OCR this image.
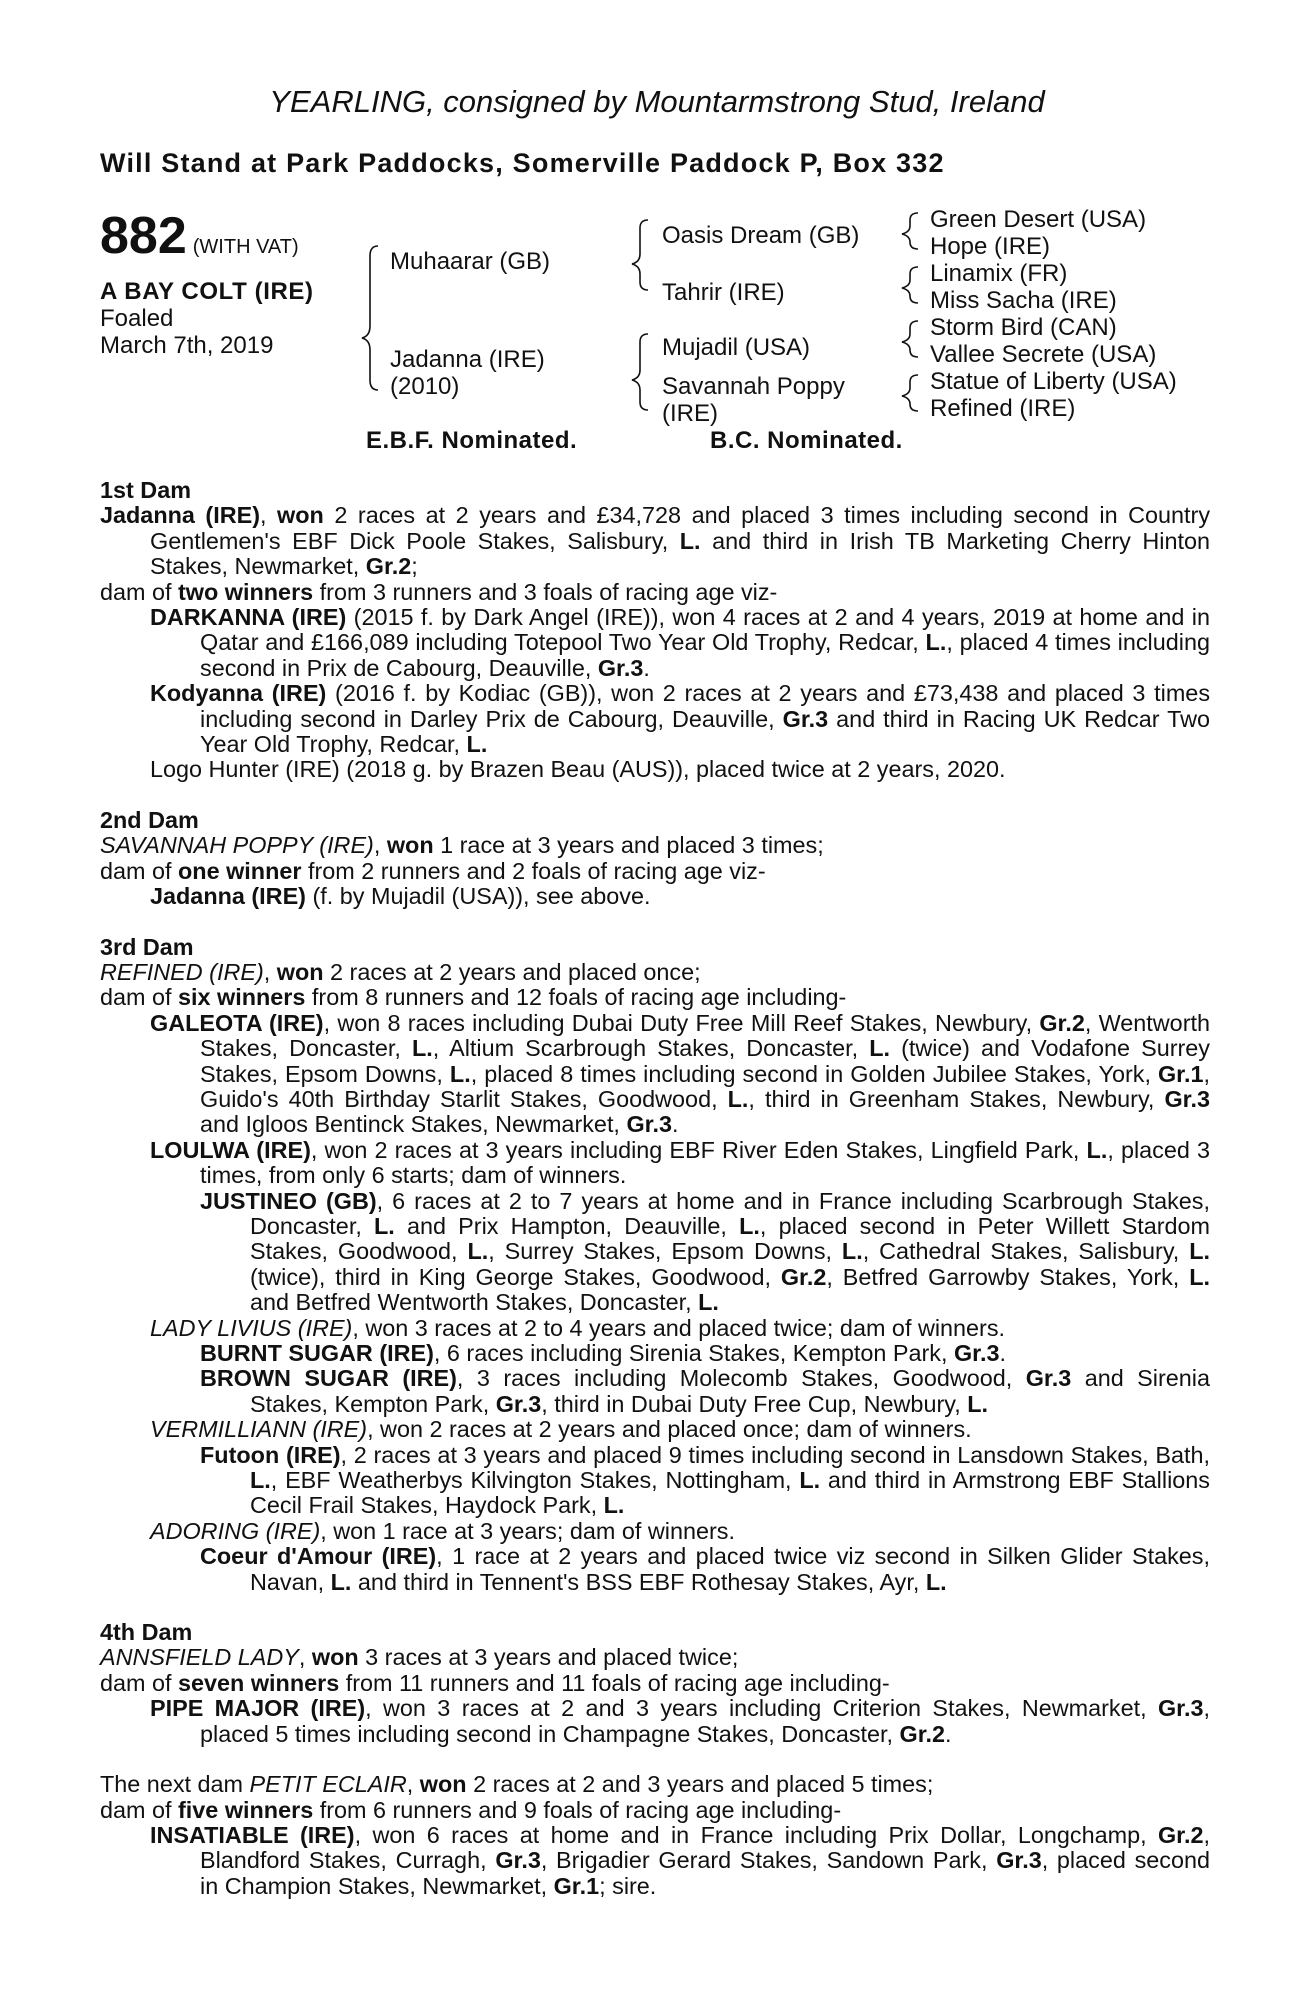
YEARLING, consigned by Mountarmstrong Stud, Ireland
Will Stand at Park Paddocks, Somerville Paddock P, Box 332
882 (WITH VAT)
A BAY COLT (IRE)
Foaled
March 7th, 2019
Muhaarar (GB)
Jadanna (IRE)
(2010)
Oasis Dream (GB)
Tahrir (IRE)
Mujadil (USA)
Savannah Poppy
(IRE)
Green Desert (USA)
Hope (IRE)
Linamix (FR)
Miss Sacha (IRE)
Storm Bird (CAN)
Vallee Secrete (USA)
Statue of Liberty (USA)
Refined (IRE)
E.B.F. Nominated.	B.C. Nominated.
1st Dam
Jadanna (IRE), won 2 races at 2 years and £34,728 and placed 3 times including second in Country Gentlemen's EBF Dick Poole Stakes, Salisbury, L. and third in Irish TB Marketing Cherry Hinton Stakes, Newmarket, Gr.2;
dam of two winners from 3 runners and 3 foals of racing age viz-
DARKANNA (IRE) (2015 f. by Dark Angel (IRE)), won 4 races at 2 and 4 years, 2019 at home and in Qatar and £166,089 including Totepool Two Year Old Trophy, Redcar, L., placed 4 times including second in Prix de Cabourg, Deauville, Gr.3.
Kodyanna (IRE) (2016 f. by Kodiac (GB)), won 2 races at 2 years and £73,438 and placed 3 times including second in Darley Prix de Cabourg, Deauville, Gr.3 and third in Racing UK Redcar Two Year Old Trophy, Redcar, L.
Logo Hunter (IRE) (2018 g. by Brazen Beau (AUS)), placed twice at 2 years, 2020.
2nd Dam
SAVANNAH POPPY (IRE), won 1 race at 3 years and placed 3 times;
dam of one winner from 2 runners and 2 foals of racing age viz-
Jadanna (IRE) (f. by Mujadil (USA)), see above.
3rd Dam
REFINED (IRE), won 2 races at 2 years and placed once;
dam of six winners from 8 runners and 12 foals of racing age including-
GALEOTA (IRE), won 8 races including Dubai Duty Free Mill Reef Stakes, Newbury, Gr.2, Wentworth Stakes, Doncaster, L., Altium Scarbrough Stakes, Doncaster, L. (twice) and Vodafone Surrey Stakes, Epsom Downs, L., placed 8 times including second in Golden Jubilee Stakes, York, Gr.1, Guido's 40th Birthday Starlit Stakes, Goodwood, L., third in Greenham Stakes, Newbury, Gr.3 and Igloos Bentinck Stakes, Newmarket, Gr.3.
LOULWA (IRE), won 2 races at 3 years including EBF River Eden Stakes, Lingfield Park, L., placed 3 times, from only 6 starts; dam of winners.
JUSTINEO (GB), 6 races at 2 to 7 years at home and in France including Scarbrough Stakes, Doncaster, L. and Prix Hampton, Deauville, L., placed second in Peter Willett Stardom Stakes, Goodwood, L., Surrey Stakes, Epsom Downs, L., Cathedral Stakes, Salisbury, L. (twice), third in King George Stakes, Goodwood, Gr.2, Betfred Garrowby Stakes, York, L. and Betfred Wentworth Stakes, Doncaster, L.
LADY LIVIUS (IRE), won 3 races at 2 to 4 years and placed twice; dam of winners.
BURNT SUGAR (IRE), 6 races including Sirenia Stakes, Kempton Park, Gr.3.
BROWN SUGAR (IRE), 3 races including Molecomb Stakes, Goodwood, Gr.3 and Sirenia Stakes, Kempton Park, Gr.3, third in Dubai Duty Free Cup, Newbury, L.
VERMILLIANN (IRE), won 2 races at 2 years and placed once; dam of winners.
Futoon (IRE), 2 races at 3 years and placed 9 times including second in Lansdown Stakes, Bath, L., EBF Weatherbys Kilvington Stakes, Nottingham, L. and third in Armstrong EBF Stallions Cecil Frail Stakes, Haydock Park, L.
ADORING (IRE), won 1 race at 3 years; dam of winners.
Coeur d'Amour (IRE), 1 race at 2 years and placed twice viz second in Silken Glider Stakes, Navan, L. and third in Tennent's BSS EBF Rothesay Stakes, Ayr, L.
4th Dam
ANNSFIELD LADY, won 3 races at 3 years and placed twice;
dam of seven winners from 11 runners and 11 foals of racing age including-
PIPE MAJOR (IRE), won 3 races at 2 and 3 years including Criterion Stakes, Newmarket, Gr.3, placed 5 times including second in Champagne Stakes, Doncaster, Gr.2.
The next dam PETIT ECLAIR, won 2 races at 2 and 3 years and placed 5 times;
dam of five winners from 6 runners and 9 foals of racing age including-
INSATIABLE (IRE), won 6 races at home and in France including Prix Dollar, Longchamp, Gr.2, Blandford Stakes, Curragh, Gr.3, Brigadier Gerard Stakes, Sandown Park, Gr.3, placed second in Champion Stakes, Newmarket, Gr.1; sire.
